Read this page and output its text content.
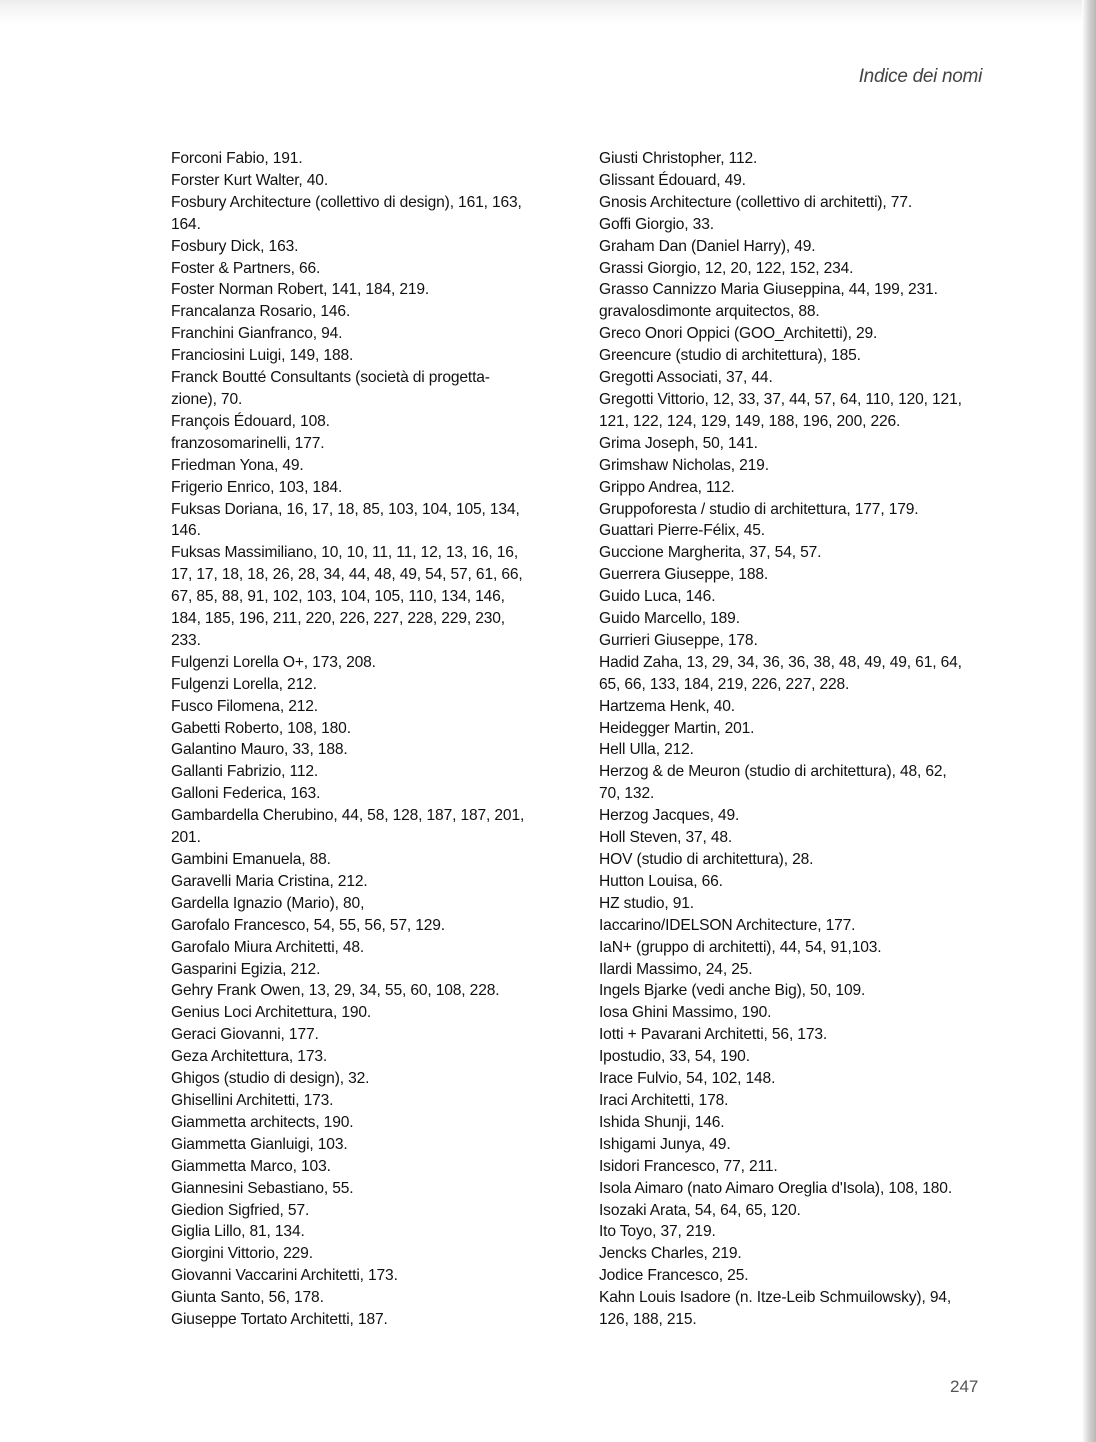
Indice dei nomi
Forconi Fabio, 191.
Forster Kurt Walter, 40.
Fosbury Architecture (collettivo di design), 161, 163,
164.
Fosbury Dick, 163.
Foster & Partners, 66.
Foster Norman Robert, 141, 184, 219.
Francalanza Rosario, 146.
Franchini Gianfranco, 94.
Franciosini Luigi, 149, 188.
Franck Boutté Consultants (società di progetta-
zione), 70.
François Édouard, 108.
franzosomarinelli, 177.
Friedman Yona, 49.
Frigerio Enrico, 103, 184.
Fuksas Doriana, 16, 17, 18, 85, 103, 104, 105, 134,
146.
Fuksas Massimiliano, 10, 10, 11, 11, 12, 13, 16, 16,
17, 17, 18, 18, 26, 28, 34, 44, 48, 49, 54, 57, 61, 66,
67, 85, 88, 91, 102, 103, 104, 105, 110, 134, 146,
184, 185, 196, 211, 220, 226, 227, 228, 229, 230,
233.
Fulgenzi Lorella O+, 173, 208.
Fulgenzi Lorella, 212.
Fusco Filomena, 212.
Gabetti Roberto, 108, 180.
Galantino Mauro, 33, 188.
Gallanti Fabrizio, 112.
Galloni Federica, 163.
Gambardella Cherubino, 44, 58, 128, 187, 187, 201,
201.
Gambini Emanuela, 88.
Garavelli Maria Cristina, 212.
Gardella Ignazio (Mario), 80,
Garofalo Francesco, 54, 55, 56, 57, 129.
Garofalo Miura Architetti, 48.
Gasparini Egizia, 212.
Gehry Frank Owen, 13, 29, 34, 55, 60, 108, 228.
Genius Loci Architettura, 190.
Geraci Giovanni, 177.
Geza Architettura, 173.
Ghigos (studio di design), 32.
Ghisellini Architetti, 173.
Giammetta architects, 190.
Giammetta Gianluigi, 103.
Giammetta Marco, 103.
Giannesini Sebastiano, 55.
Giedion Sigfried, 57.
Giglia Lillo, 81, 134.
Giorgini Vittorio, 229.
Giovanni Vaccarini Architetti, 173.
Giunta Santo, 56, 178.
Giuseppe Tortato Architetti, 187.
Giusti Christopher, 112.
Glissant Édouard, 49.
Gnosis Architecture (collettivo di architetti), 77.
Goffi Giorgio, 33.
Graham Dan (Daniel Harry), 49.
Grassi Giorgio, 12, 20, 122, 152, 234.
Grasso Cannizzo Maria Giuseppina, 44, 199, 231.
gravalosdimonte arquitectos, 88.
Greco Onori Oppici (GOO_Architetti), 29.
Greencure (studio di architettura), 185.
Gregotti Associati, 37, 44.
Gregotti Vittorio, 12, 33, 37, 44, 57, 64, 110, 120, 121,
121, 122, 124, 129, 149, 188, 196, 200, 226.
Grima Joseph, 50, 141.
Grimshaw Nicholas, 219.
Grippo Andrea, 112.
Gruppoforesta / studio di architettura, 177, 179.
Guattari Pierre-Félix, 45.
Guccione Margherita, 37, 54, 57.
Guerrera Giuseppe, 188.
Guido Luca, 146.
Guido Marcello, 189.
Gurrieri Giuseppe, 178.
Hadid Zaha, 13, 29, 34, 36, 36, 38, 48, 49, 49, 61, 64,
65, 66, 133, 184, 219, 226, 227, 228.
Hartzema Henk, 40.
Heidegger Martin, 201.
Hell Ulla, 212.
Herzog & de Meuron (studio di architettura), 48, 62,
70, 132.
Herzog Jacques, 49.
Holl Steven, 37, 48.
HOV (studio di architettura), 28.
Hutton Louisa, 66.
HZ studio, 91.
Iaccarino/IDELSON Architecture, 177.
IaN+ (gruppo di architetti), 44, 54, 91,103.
Ilardi Massimo, 24, 25.
Ingels Bjarke (vedi anche Big), 50, 109.
Iosa Ghini Massimo, 190.
Iotti + Pavarani Architetti, 56, 173.
Ipostudio, 33, 54, 190.
Irace Fulvio, 54, 102, 148.
Iraci Architetti, 178.
Ishida Shunji, 146.
Ishigami Junya, 49.
Isidori Francesco, 77, 211.
Isola Aimaro (nato Aimaro Oreglia d'Isola), 108, 180.
Isozaki Arata, 54, 64, 65, 120.
Ito Toyo, 37, 219.
Jencks Charles, 219.
Jodice Francesco, 25.
Kahn Louis Isadore (n. Itze-Leib Schmuilowsky), 94,
126, 188, 215.
247
